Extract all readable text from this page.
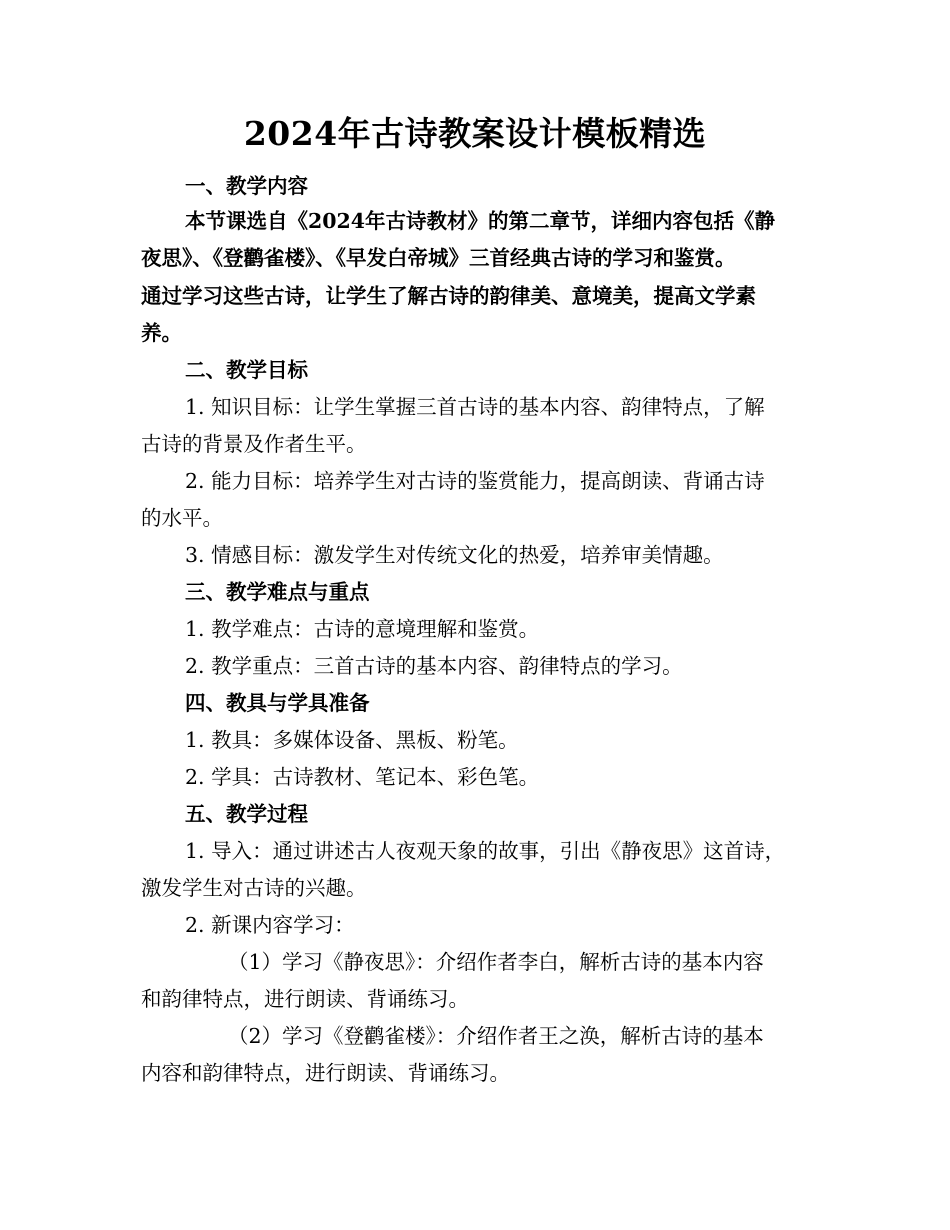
2024年古诗教案设计模板精选
一、教学内容
本节课选自《2024年古诗教材》的第二章节，详细内容包括《静
夜思》、《登鹳雀楼》、《早发白帝城》三首经典古诗的学习和鉴赏。
通过学习这些古诗，让学生了解古诗的韵律美、意境美，提高文学素
养。
二、教学目标
1. 知识目标：让学生掌握三首古诗的基本内容、韵律特点，了解
古诗的背景及作者生平。
2. 能力目标：培养学生对古诗的鉴赏能力，提高朗读、背诵古诗
的水平。
3. 情感目标：激发学生对传统文化的热爱，培养审美情趣。
三、教学难点与重点
1. 教学难点：古诗的意境理解和鉴赏。
2. 教学重点：三首古诗的基本内容、韵律特点的学习。
四、教具与学具准备
1. 教具：多媒体设备、黑板、粉笔。
2. 学具：古诗教材、笔记本、彩色笔。
五、教学过程
1. 导入：通过讲述古人夜观天象的故事，引出《静夜思》这首诗，
激发学生对古诗的兴趣。
2. 新课内容学习：
（1）学习《静夜思》：介绍作者李白，解析古诗的基本内容
和韵律特点，进行朗读、背诵练习。
（2）学习《登鹳雀楼》：介绍作者王之涣，解析古诗的基本
内容和韵律特点，进行朗读、背诵练习。
